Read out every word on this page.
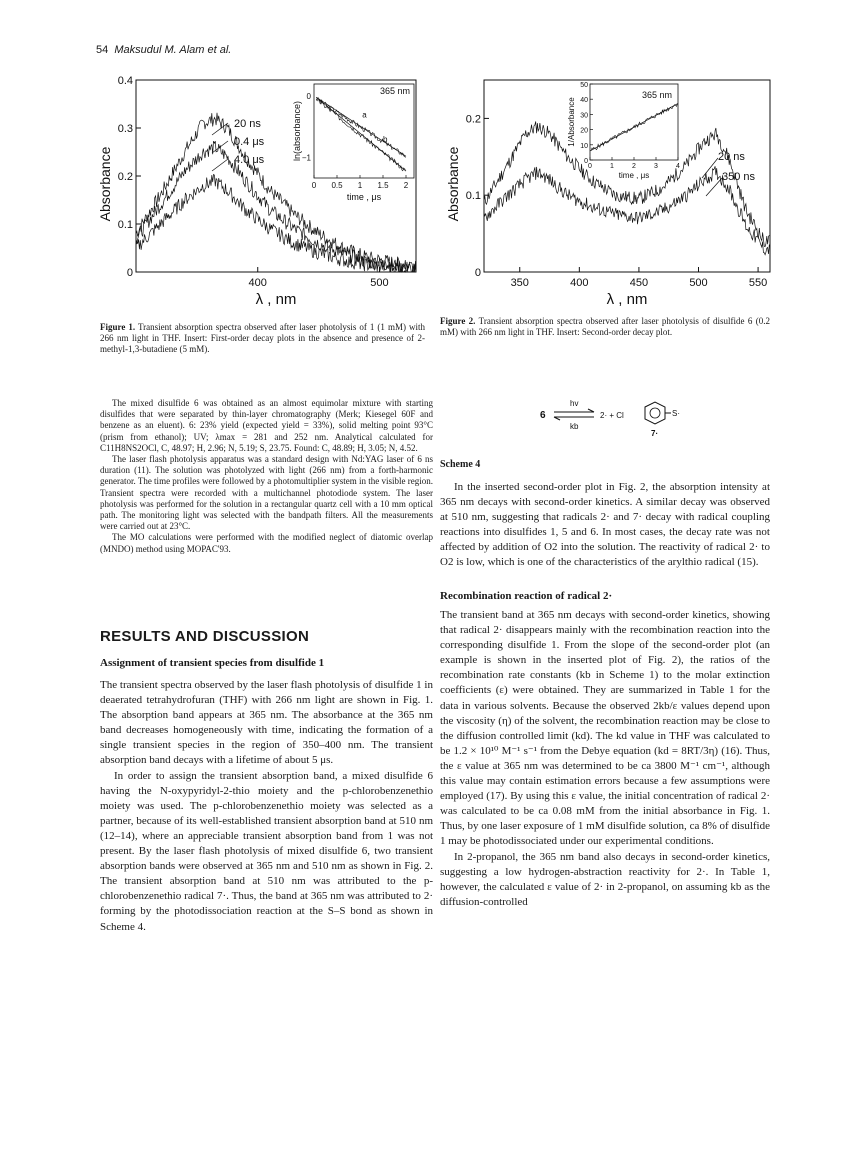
54 Maksudul M. Alam et al.
0
0.1
0.2
0.3
0.4
400	500
λ , nm
Absorbance
20 ns
0.4 μs
4.0 μs
0 0.5 1 1.5 2
0
−1
time , μs
ln(absorbance)
365 nm
a
b
0
0.1
0.2
350	400	450	500	550
λ , nm
Absorbance	20 ns
350 ns
0	1	2	3	4
0
10
20
30
40
50
time , μs
1/Absorbance
365 nm
Figure 1. Transient absorption spectra observed after laser photolysis of 1 (1 mM) with 266 nm light in THF. Insert: First-order decay plots in the absence and presence of 2-methyl-1,3-butadiene (5 mM).
Figure 2. Transient absorption spectra observed after laser photolysis of disulfide 6 (0.2 mM) with 266 nm light in THF. Insert: Second-order decay plot.

The mixed disulfide 6 was obtained as an almost equimolar mixture with starting disulfides that were separated by thin-layer chromatography (Merk; Kiesegel 60F and benzene as an eluent). 6: 23% yield (expected yield = 33%), solid melting point 93°C (prism from ethanol); UV; λmax = 281 and 252 nm. Analytical calculated for C11H8NS2OCl, C, 48.97; H, 2.96; N, 5.19; S, 23.75. Found: C, 48.89; H, 3.05; N, 4.52.

The laser flash photolysis apparatus was a standard design with Nd:YAG laser of 6 ns duration (11). The solution was photolyzed with light (266 nm) from a forth-harmonic generator. The time profiles were followed by a photomultiplier system in the visible region. Transient spectra were recorded with a multichannel photodiode system. The laser photolysis was performed for the solution in a rectangular quartz cell with a 10 mm optical path. The monitoring light was selected with the bandpath filters. All the measurements were carried out at 23°C.

The MO calculations were performed with the modified neglect of diatomic overlap (MNDO) method using MOPAC'93.

RESULTS AND DISCUSSION
Assignment of transient species from disulfide 1

The transient spectra observed by the laser flash photolysis of disulfide 1 in deaerated tetrahydrofuran (THF) with 266 nm light are shown in Fig. 1. The absorption band appears at 365 nm. The absorbance at the 365 nm band decreases homogeneously with time, indicating the formation of a single transient species in the region of 350–400 nm. The transient absorption band decays with a lifetime of about 5 μs.

In order to assign the transient absorption band, a mixed disulfide 6 having the N-oxypyridyl-2-thio moiety and the p-chlorobenzenethio moiety was used. The p-chlorobenzenethio moiety was selected as a partner, because of its well-established transient absorption band at 510 nm (12–14), where an appreciable transient absorption band from 1 was not present. By the laser flash photolysis of mixed disulfide 6, two transient absorption bands were observed at 365 nm and 510 nm as shown in Fig. 2. The transient absorption band at 510 nm was attributed to the p-chlorobenzenethio radical 7·. Thus, the band at 365 nm was attributed to 2· forming by the photodissociation reaction at the S–S bond as shown in Scheme 4.

6
hv
kb
2· + Cl	S·
7·
Scheme 4

In the inserted second-order plot in Fig. 2, the absorption intensity at 365 nm decays with second-order kinetics. A similar decay was observed at 510 nm, suggesting that radicals 2· and 7· decay with radical coupling reactions into disulfides 1, 5 and 6. In most cases, the decay rate was not affected by addition of O2 into the solution. The reactivity of radical 2· to O2 is low, which is one of the characteristics of the arylthio radical (15).

Recombination reaction of radical 2·

The transient band at 365 nm decays with second-order kinetics, showing that radical 2· disappears mainly with the recombination reaction into the corresponding disulfide 1. From the slope of the second-order plot (an example is shown in the inserted plot of Fig. 2), the ratios of the recombination rate constants (kb in Scheme 1) to the molar extinction coefficients (ε) were obtained. They are summarized in Table 1 for the data in various solvents. Because the observed 2kb/ε values depend upon the viscosity (η) of the solvent, the recombination reaction may be close to the diffusion controlled limit (kd). The kd value in THF was calculated to be 1.2 × 10¹⁰ M⁻¹ s⁻¹ from the Debye equation (kd = 8RT/3η) (16). Thus, the ε value at 365 nm was determined to be ca 3800 M⁻¹ cm⁻¹, although this value may contain estimation errors because a few assumptions were employed (17). By using this ε value, the initial concentration of radical 2· was calculated to be ca 0.08 mM from the initial absorbance in Fig. 1. Thus, by one laser exposure of 1 mM disulfide solution, ca 8% of disulfide 1 may be photodissociated under our experimental conditions.

In 2-propanol, the 365 nm band also decays in second-order kinetics, suggesting a low hydrogen-abstraction reactivity for 2·. In Table 1, however, the calculated ε value of 2· in 2-propanol, on assuming kb as the diffusion-controlled
